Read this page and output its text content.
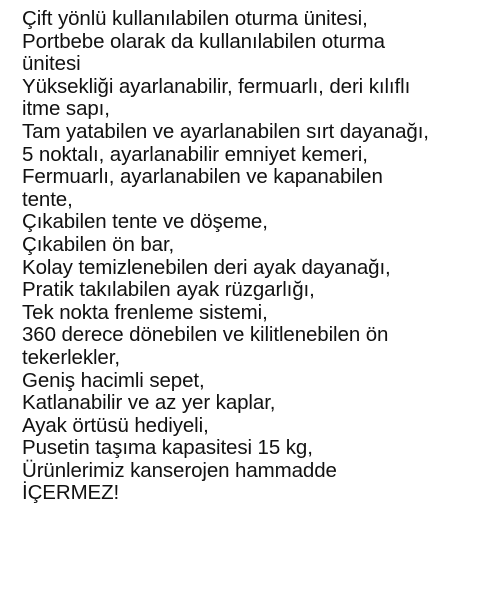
Çift yönlü kullanılabilen oturma ünitesi,
Portbebe olarak da kullanılabilen oturma
ünitesi
Yüksekliği ayarlanabilir, fermuarlı, deri kılıflı
itme sapı,
Tam yatabilen ve ayarlanabilen sırt dayanağı,
5 noktalı, ayarlanabilir emniyet kemeri,
Fermuarlı, ayarlanabilen ve kapanabilen
tente,
Çıkabilen tente ve döşeme,
Çıkabilen ön bar,
Kolay temizlenebilen deri ayak dayanağı,
Pratik takılabilen ayak rüzgarlığı,
Tek nokta frenleme sistemi,
360 derece dönebilen ve kilitlenebilen ön
tekerlekler,
Geniş hacimli sepet,
Katlanabilir ve az yer kaplar,
Ayak örtüsü hediyeli,
Pusetin taşıma kapasitesi 15 kg,
Ürünlerimiz kanserojen hammadde
İÇERMEZ!
